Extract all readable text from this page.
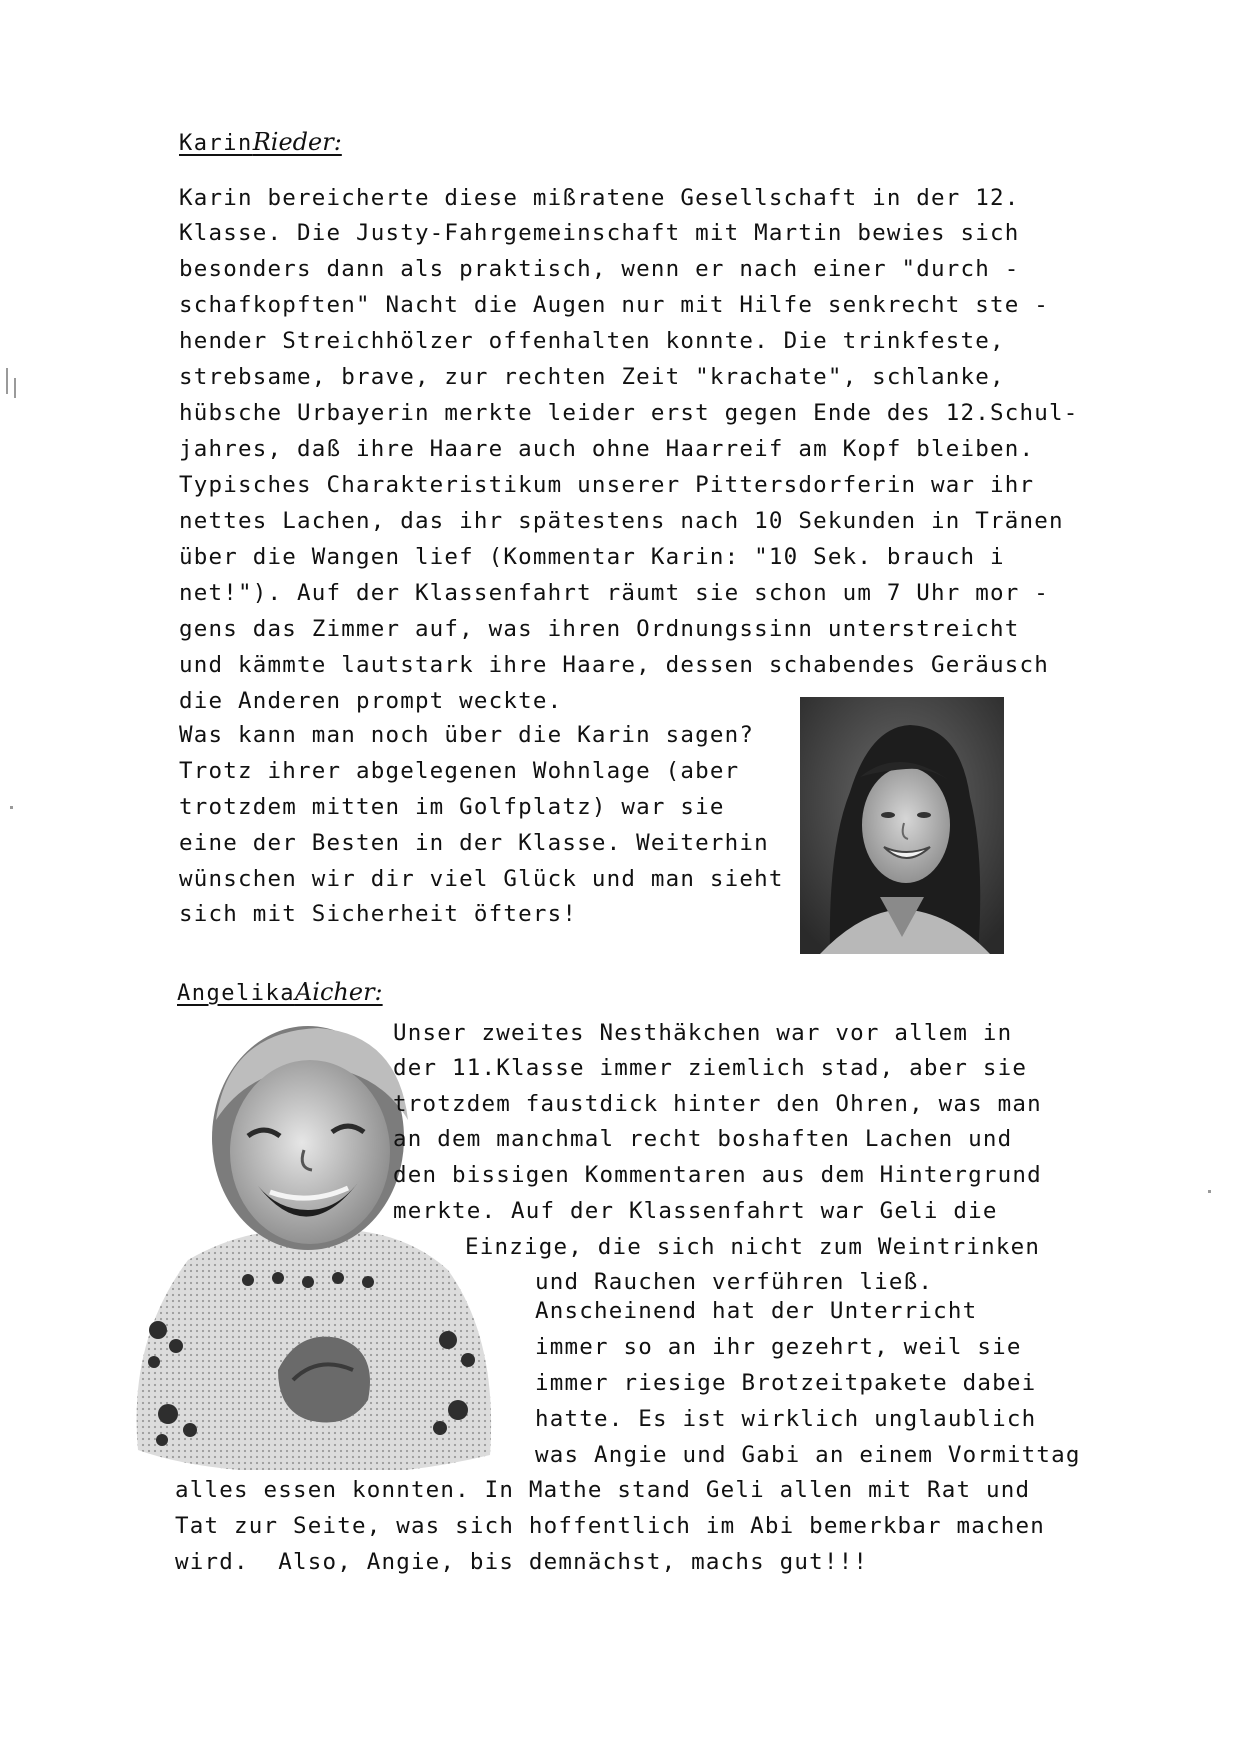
KarinRieder:
Karin bereicherte diese mißratene Gesellschaft in der 12.
Klasse. Die Justy-Fahrgemeinschaft mit Martin bewies sich
besonders dann als praktisch, wenn er nach einer "durch -
schafkopften" Nacht die Augen nur mit Hilfe senkrecht ste -
hender Streichhölzer offenhalten konnte. Die trinkfeste,
strebsame, brave, zur rechten Zeit "krachate", schlanke,
hübsche Urbayerin merkte leider erst gegen Ende des 12.Schul-
jahres, daß ihre Haare auch ohne Haarreif am Kopf bleiben.
Typisches Charakteristikum unserer Pittersdorferin war ihr
nettes Lachen, das ihr spätestens nach 10 Sekunden in Tränen
über die Wangen lief (Kommentar Karin: "10 Sek. brauch i
net!"). Auf der Klassenfahrt räumt sie schon um 7 Uhr mor -
gens das Zimmer auf, was ihren Ordnungssinn unterstreicht
und kämmte lautstark ihre Haare, dessen schabendes Geräusch
die Anderen prompt weckte.
Was kann man noch über die Karin sagen?
Trotz ihrer abgelegenen Wohnlage (aber
trotzdem mitten im Golfplatz) war sie
eine der Besten in der Klasse. Weiterhin
wünschen wir dir viel Glück und man sieht
sich mit Sicherheit öfters!
AngelikaAicher:
Unser zweites Nesthäkchen war vor allem in
der 11.Klasse immer ziemlich stad, aber sie
trotzdem faustdick hinter den Ohren, was man
an dem manchmal recht boshaften Lachen und
den bissigen Kommentaren aus dem Hintergrund
merkte. Auf der Klassenfahrt war Geli die
Einzige, die sich nicht zum Weintrinken
und Rauchen verführen ließ.
Anscheinend hat der Unterricht
immer so an ihr gezehrt, weil sie
immer riesige Brotzeitpakete dabei
hatte. Es ist wirklich unglaublich
was Angie und Gabi an einem Vormittag
alles essen konnten. In Mathe stand Geli allen mit Rat und
Tat zur Seite, was sich hoffentlich im Abi bemerkbar machen
wird.  Also, Angie, bis demnächst, machs gut!!!
